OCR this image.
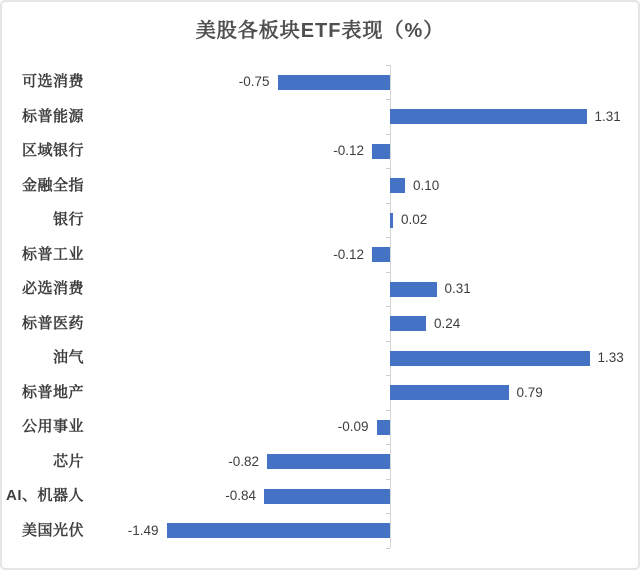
美股各板块ETF表现（%）
可选消费	-0.75
标普能源	1.31
区域银行	-0.12
金融全指	0.10
银行	0.02
标普工业	-0.12
必选消费	0.31
标普医药	0.24
油气	1.33
标普地产	0.79
公用事业	-0.09
芯片	-0.82
AI、机器人	-0.84
美国光伏	-1.49
